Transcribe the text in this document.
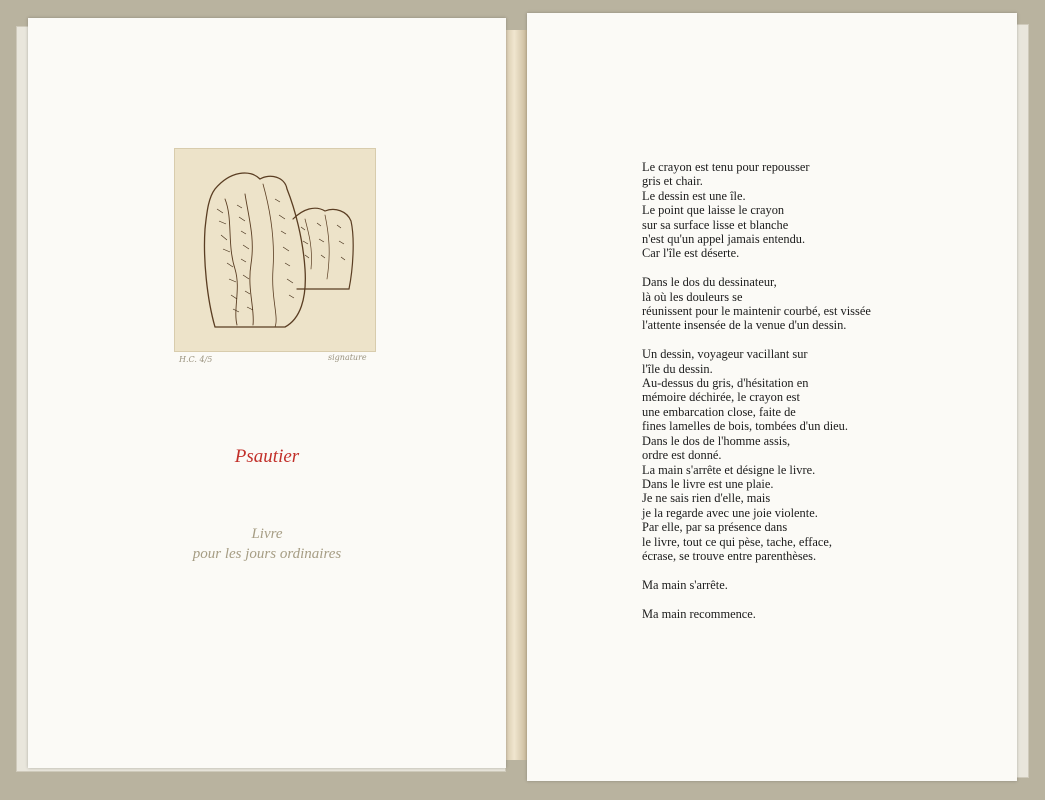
H.C. 4/5	signature
Psautier
Livre
pour les jours ordinaires
Le crayon est tenu pour repousser
gris et chair.
Le dessin est une île.
Le point que laisse le crayon
sur sa surface lisse et blanche
n'est qu'un appel jamais entendu.
Car l'île est déserte.
Dans le dos du dessinateur,
là où les douleurs se
réunissent pour le maintenir courbé, est vissée
l'attente insensée de la venue d'un dessin.
Un dessin, voyageur vacillant sur
l'île du dessin.
Au-dessus du gris, d'hésitation en
mémoire déchirée, le crayon est
une embarcation close, faite de
fines lamelles de bois, tombées d'un dieu.
Dans le dos de l'homme assis,
ordre est donné.
La main s'arrête et désigne le livre.
Dans le livre est une plaie.
Je ne sais rien d'elle, mais
je la regarde avec une joie violente.
Par elle, par sa présence dans
le livre, tout ce qui pèse, tache, efface,
écrase, se trouve entre parenthèses.
Ma main s'arrête.
Ma main recommence.
